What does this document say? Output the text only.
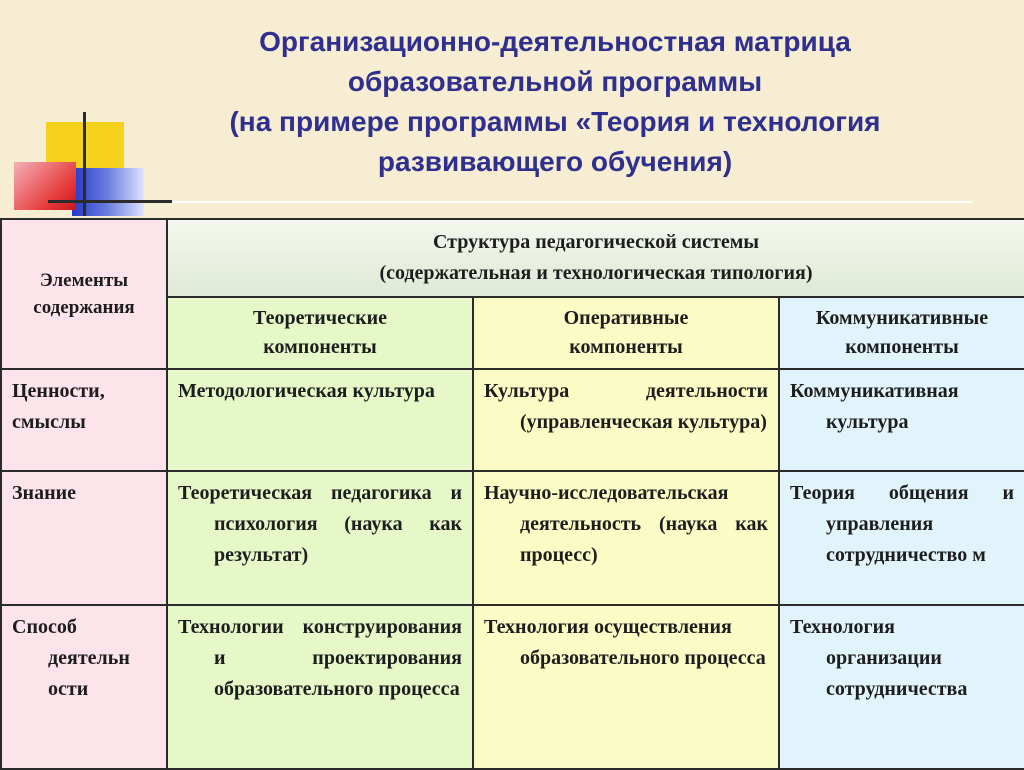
Организационно-деятельностная матрица
образовательной программы
(на примере программы «Теория и технология
развивающего обучения)
Элементы содержания	Структура педагогической системы
(содержательная и технологическая типология)		

	Теоретические компоненты	Оперативные компоненты	Коммуникативные компоненты

Ценности, смыслы	Методологическая культура	Культура деятельности (управленческая культура)	Коммуникативная культура

Знание	Теоретическая педагогика и психология (наука как результат)	Научно-исследовательская деятельность (наука как процесс)	Теория общения и управления сотрудничество м

Способ деятельн ости	Технологии конструирования и проектирования образовательного процесса	Технология осуществления образовательного процесса	Технология организации сотрудничества
